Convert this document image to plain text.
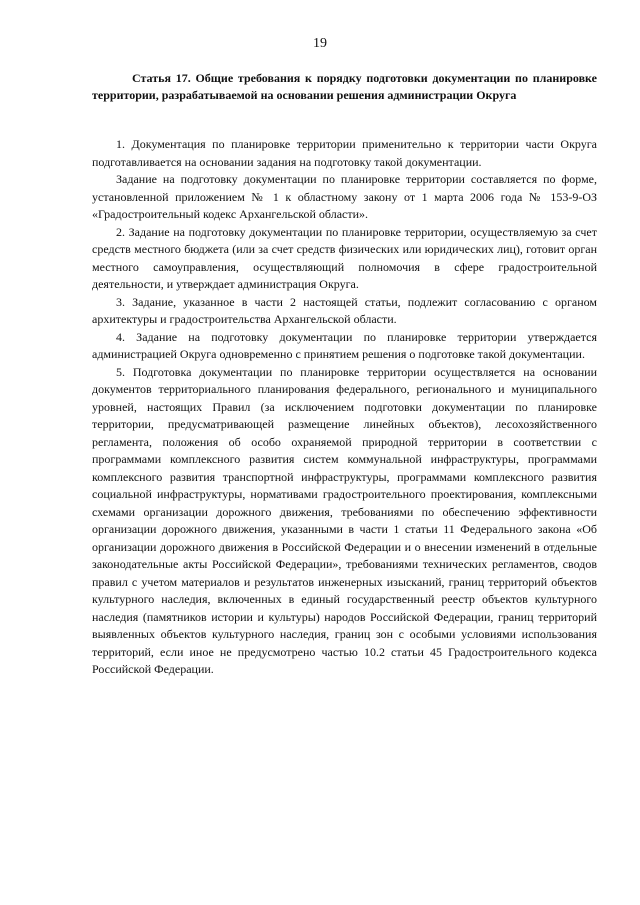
19

Статья 17. Общие требования к порядку подготовки документации по планировке территории, разрабатываемой на основании решения администрации Округа

1. Документация по планировке территории применительно к территории части Округа подготавливается на основании задания на подготовку такой документации.

Задание на подготовку документации по планировке территории составляется по форме, установленной приложением № 1 к областному закону от 1 марта 2006 года № 153-9-ОЗ «Градостроительный кодекс Архангельской области».

2. Задание на подготовку документации по планировке территории, осуществляемую за счет средств местного бюджета (или за счет средств физических или юридических лиц), готовит орган местного самоуправления, осуществляющий полномочия в сфере градостроительной деятельности, и утверждает администрация Округа.

3. Задание, указанное в части 2 настоящей статьи, подлежит согласованию с органом архитектуры и градостроительства Архангельской области.

4. Задание на подготовку документации по планировке территории утверждается администрацией Округа одновременно с принятием решения о подготовке такой документации.

5. Подготовка документации по планировке территории осуществляется на основании документов территориального планирования федерального, регионального и муниципального уровней, настоящих Правил (за исключением подготовки документации по планировке территории, предусматривающей размещение линейных объектов), лесохозяйственного регламента, положения об особо охраняемой природной территории в соответствии с программами комплексного развития систем коммунальной инфраструктуры, программами комплексного развития транспортной инфраструктуры, программами комплексного развития социальной инфраструктуры, нормативами градостроительного проектирования, комплексными схемами организации дорожного движения, требованиями по обеспечению эффективности организации дорожного движения, указанными в части 1 статьи 11 Федерального закона «Об организации дорожного движения в Российской Федерации и о внесении изменений в отдельные законодательные акты Российской Федерации», требованиями технических регламентов, сводов правил с учетом материалов и результатов инженерных изысканий, границ территорий объектов культурного наследия, включенных в единый государственный реестр объектов культурного наследия (памятников истории и культуры) народов Российской Федерации, границ территорий выявленных объектов культурного наследия, границ зон с особыми условиями использования территорий, если иное не предусмотрено частью 10.2 статьи 45 Градостроительного кодекса Российской Федерации.
